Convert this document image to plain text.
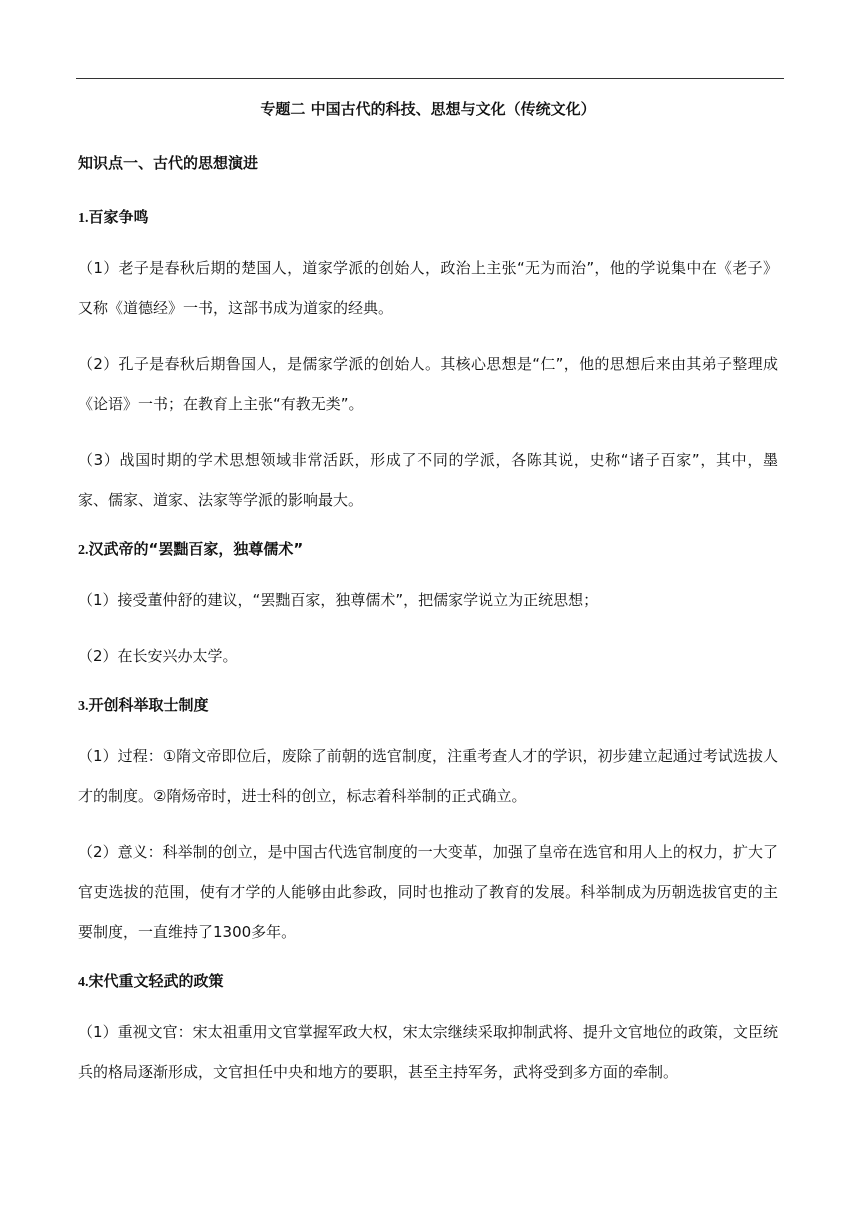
专题二 中国古代的科技、思想与文化（传统文化）

知识点一、古代的思想演进

1.百家争鸣

（1）老子是春秋后期的楚国人，道家学派的创始人，政治上主张“无为而治”，他的学说集中在《老子》又称《道德经》一书，这部书成为道家的经典。

（2）孔子是春秋后期鲁国人，是儒家学派的创始人。其核心思想是“仁”，他的思想后来由其弟子整理成《论语》一书；在教育上主张“有教无类”。

（3）战国时期的学术思想领域非常活跃，形成了不同的学派，各陈其说，史称“诸子百家”，其中，墨家、儒家、道家、法家等学派的影响最大。

2.汉武帝的“罢黜百家，独尊儒术”

（1）接受董仲舒的建议，“罢黜百家，独尊儒术”，把儒家学说立为正统思想；

（2）在长安兴办太学。

3.开创科举取士制度

（1）过程：①隋文帝即位后，废除了前朝的选官制度，注重考查人才的学识，初步建立起通过考试选拔人才的制度。②隋炀帝时，进士科的创立，标志着科举制的正式确立。

（2）意义：科举制的创立，是中国古代选官制度的一大变革，加强了皇帝在选官和用人上的权力，扩大了官吏选拔的范围，使有才学的人能够由此参政，同时也推动了教育的发展。科举制成为历朝选拔官吏的主要制度，一直维持了1300多年。

4.宋代重文轻武的政策

（1）重视文官：宋太祖重用文官掌握军政大权，宋太宗继续采取抑制武将、提升文官地位的政策，文臣统兵的格局逐渐形成，文官担任中央和地方的要职，甚至主持军务，武将受到多方面的牵制。
